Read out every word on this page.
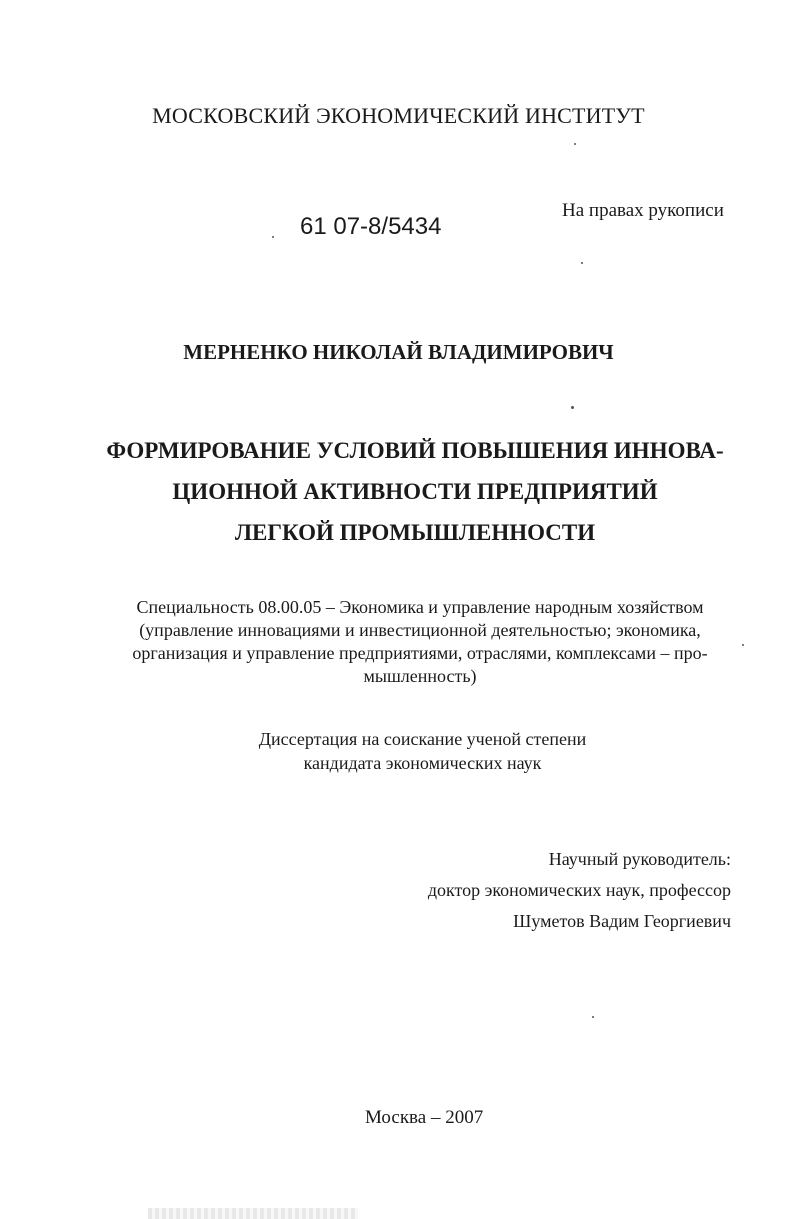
МОСКОВСКИЙ ЭКОНОМИЧЕСКИЙ ИНСТИТУТ
61 07-8/5434
На правах рукописи
МЕРНЕНКО НИКОЛАЙ ВЛАДИМИРОВИЧ
ФОРМИРОВАНИЕ УСЛОВИЙ ПОВЫШЕНИЯ ИННОВА-
ЦИОННОЙ АКТИВНОСТИ ПРЕДПРИЯТИЙ
ЛЕГКОЙ ПРОМЫШЛЕННОСТИ
Специальность 08.00.05 – Экономика и управление народным хозяйством
(управление инновациями и инвестиционной деятельностью; экономика,
организация и управление предприятиями, отраслями, комплексами – про-
мышленность)
Диссертация на соискание ученой степени
кандидата экономических наук
Научный руководитель:
доктор экономических наук, профессор
Шуметов Вадим Георгиевич
Москва – 2007
